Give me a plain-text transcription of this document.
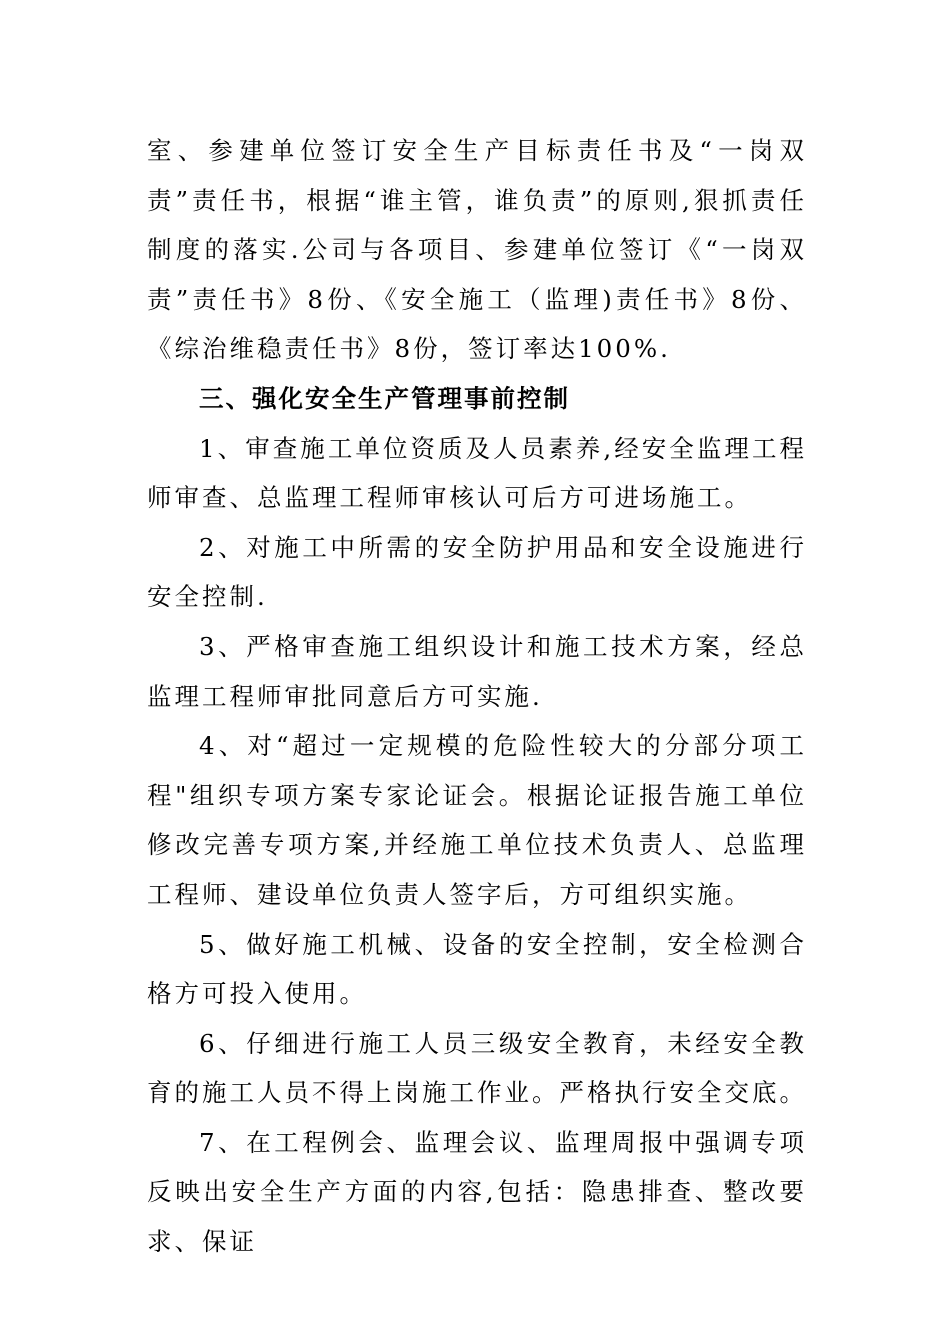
室、参建单位签订安全生产目标责任书及“一岗双责”责任书，根据“谁主管，谁负责”的原则,狠抓责任制度的落实.公司与各项目、参建单位签订《“一岗双责”责任书》8份、《安全施工（监理)责任书》8份、《综治维稳责任书》8份，签订率达100%.

三、强化安全生产管理事前控制

1、审查施工单位资质及人员素养,经安全监理工程师审查、总监理工程师审核认可后方可进场施工。

2、对施工中所需的安全防护用品和安全设施进行安全控制.

3、严格审查施工组织设计和施工技术方案，经总监理工程师审批同意后方可实施.

4、对“超过一定规模的危险性较大的分部分项工程"组织专项方案专家论证会。根据论证报告施工单位修改完善专项方案,并经施工单位技术负责人、总监理工程师、建设单位负责人签字后，方可组织实施。

5、做好施工机械、设备的安全控制，安全检测合格方可投入使用。

6、仔细进行施工人员三级安全教育，未经安全教育的施工人员不得上岗施工作业。严格执行安全交底。

7、在工程例会、监理会议、监理周报中强调专项反映出安全生产方面的内容,包括：隐患排查、整改要求、保证
